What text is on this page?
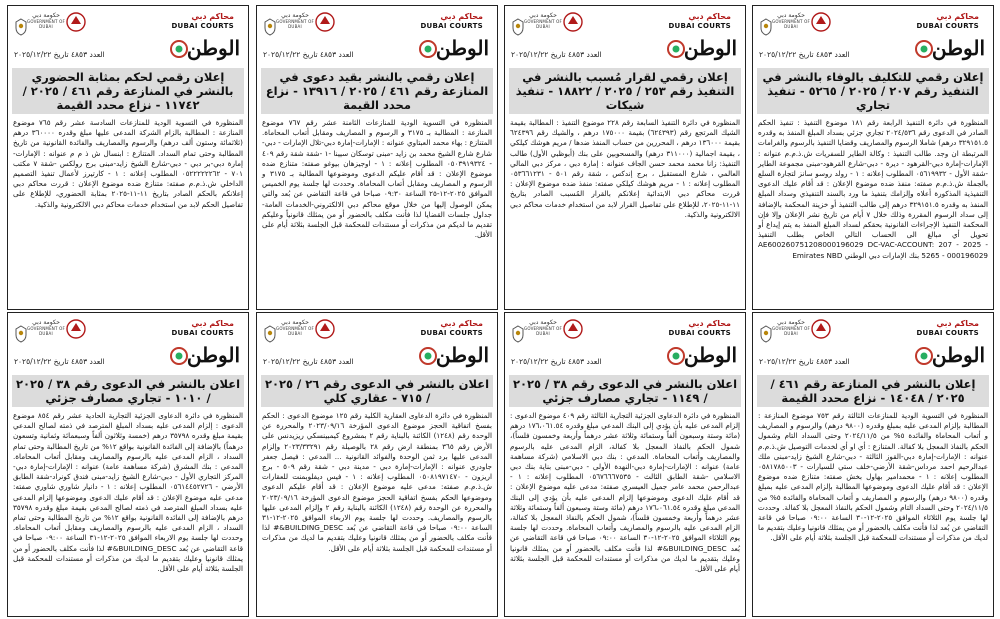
حكومة دبي
GOVERNMENT OF DUBAI
محاكم دبي
DUBAI COURTS
الوطن
العدد ٤٨٥٣ تاريخ ٢٠٢٥/١٢/٢٢
إعلان رقمي للتكليف بالوفاء بالنشر في التنفيذ رقم ٢٠٧ / ٢٠٢٥ / ٥٢٦٥ - تنفيذ تجاري
المنظورة في دائرة التنفيذ الرابعة رقم ١٨١ موضوع التنفيذ : تنفيذ الحكم الصادر في الدعوى رقم ٢٠٢٤/٥٣٦ تجاري جزئي بسداد المبلغ المنفذ به وقدره ٣٢٩١٥١.٥ درهم) شاملا الرسوم والمصاريف وقضايا التنفيذ بالرسوم والغرامات المرتبطة ان وجد. طالب التنفيذ : وكالة الطاير للسفريات ش.ذ.م.م عنوانه : الإمارات-إمارة دبي-القرهود - ديرة - دبي-شارع القرهود-مبنى مجموعة الطاير -شقة الأول - ٠٥٦١٩٩٣٢ المطلوب إعلانه : ١ - رولد روسو سانز لتجارة السلع بالجملة ش.ذ.م.م صفته: منفذ ضده موضوع الإعلان : قد أقام عليك الدعوى التنفيذية المذكورة أعلاه وإلزامك بتنفيذ ما ورد بالسند التنفيذي وسداد المبلغ المنفذ به وقدره ٣٢٩١٥١.٥ درهم إلى طالب التنفيذ أو خزينة المحكمة بالإضافة إلى سداد الرسوم المقررة وذلك خلال ٧ أيام من تاريخ نشر الإعلان وإلا فإن المحكمة التنفيذ الإجراءات القانونية بحقكم لسداد المبلغ المنفذ به يتم إيداع أو تحويل أي مبالغ الى الحساب التالي الخاص بطلب التنفيذ AE600260751208000196029 DC-VAC-ACCOUNT: 207 - 2025 - 5265 - 000196029 بنك الإمارات دبي الوطني Emirates NBD
حكومة دبي
GOVERNMENT OF DUBAI
محاكم دبي
DUBAI COURTS
الوطن
العدد ٤٨٥٣ تاريخ ٢٠٢٥/١٢/٢٢
إعلان رقمي لقرار مُسبب بالنشر في التنفيذ رقم ٢٥٣ / ٢٠٢٥ / ١٨٨٢٢ - تنفيذ شيكات
المنظورة في دائرة التنفيذ السابعة رقم ٢٢٨ موضوع التنفيذ : المطالبة بقيمة الشيك المرتجع رقم (٦٢٤٣٩٣) بقيمة ١٧٥٠٠٠ درهم ، والشيك رقم ٦٢٤٣٩٦ بقيمة ١٣٦٠٠٠ درهم ، المحررين من حساب المنفذ ضدها / مريم هوشك كيلكي ، بقيمة اجمالية (٣١١٠٠٠ درهم) والمسحوبين على بنك (أبوظبي الأول) طالب التنفيذ: زانا محمد محمد حسن الجاف عنوانه : إمارة دبي ، مركز دبي المالي العالمي ، شارع المستقبل ، برج إندكس ، شقة رقم ٥٠١ - ٠٥٣٦٦١٢٣١ المطلوب إعلانه : ١ - مريم هوشك كيلكي صفته: منفذ ضده موضوع الإعلان : قررت محاكم دبي الابتدائية إعلانكم بالقرار المُسبب الصادر بتاريخ ١١-١١-٢٠٢٥، للإطلاع على تفاصيل القرار لابد من استخدام خدمات محاكم دبي الالكترونية والذكية.
حكومة دبي
GOVERNMENT OF DUBAI
محاكم دبي
DUBAI COURTS
الوطن
العدد ٤٨٥٣ تاريخ ٢٠٢٥/١٢/٢٢
إعلان رقمي بالنشر بقيد دعوى في المنازعة رقم ٤٦١ / ٢٠٢٥ / ١٣٩١٦ - نزاع محدد القيمة
المنظورة في التسوية الودية للمنازعات الثامنة عشر رقم ٧٦٧ موضوع المنازعة : المطالبة بـ ٣١٧٥ و الرسوم و المصاريف ومقابل أتعاب المحاماة. المتنازع : بهاء محمد العبتاوي عنوانه : الإمارات-إمارة دبي-تلال الإمارات - دبي-شارع شارع الشيخ محمد بن زايد -مبنى توسكان سيينا -١ -شقة شقة رقم ٤٠٩ - ٠٥٠٣٩١٩٣٢٤ المطلوب إعلانه : ١ - اوجيزهان بيوغو صفته: متنازع ضده موضوع الإعلان : قد أقام عليكم الدعوى وموضوعها المطالبة بـ ٣١٧٥ و الرسوم و المصاريف ومقابل أتعاب المحاماة. وحددت لها جلسة يوم الخميس الموافق ٢٠٢٥-١٢-٢٥ الساعة ٠٩:٣٠ صباحا في قاعة التقاضي عن بُعد والتي يمكن الوصول إليها من خلال موقع محاكم دبي الالكتروني-الخدمات العامة-جداول جلسات القضايا لذا فأنت مكلف بالحضور أو من يمثلك قانونياً وعليكم تقديم ما لديكم من مذكرات أو مستندات للمحكمة قبل الجلسة بثلاثة أيام على الأقل.
حكومة دبي
GOVERNMENT OF DUBAI
محاكم دبي
DUBAI COURTS
الوطن
العدد ٤٨٥٣ تاريخ ٢٠٢٥/١٢/٢٢
إعلان رقمي لحكم بمثابة الحضوري بالنشر في المنازعة رقم ٤٦١ / ٢٠٢٥ / ١١٧٤٢ - نزاع محدد القيمة
المنظورة في التسوية الودية للمنازعات السادسة عشر رقم ٧٦٥ موضوع المنازعة : المطالبة بالزام الشركة المدعى عليها مبلغ وقدره ٣٦٠٠٠٠ درهم (ثلاثمائة وستون ألف درهم) والرسوم والمصاريف والفائدة القانونية من تاريخ المطالبة وحتى تمام السداد. المتنازع : ابنسال ش ذ م م عنوانه : الإمارات-إمارة دبي-بر دبي - دبي-شارع الشيخ زايد-مبنى برج رولكس -شقة ٧ مكتب ٧٠١ - ٠٥٢٢٢٢٢٢٦٢ المطلوب إعلانه : ١ - كارتيرز لأعمال تنفيذ التصميم الداخلي ش.ذ.م.م صفته: متنازع ضده موضوع الإعلان : قررت محاكم دبي إعلانكم بالحكم الصادر بتاريخ ١١-١١-٢٠٢٥ بمثابة الحضوري، للإطلاع على تفاصيل الحكم لابد من استخدام خدمات محاكم دبي الالكترونية والذكية.
حكومة دبي
GOVERNMENT OF DUBAI
محاكم دبي
DUBAI COURTS
الوطن
العدد ٤٨٥٣ تاريخ ٢٠٢٥/١٢/٢٢
إعلان بالنشر في المنازعة رقم ٤٦١ / ٢٠٢٥ / ١٤٠٤٨ - نزاع محدد القيمة
المنظورة في التسوية الودية للمنازعات الثالثة رقم ٧٥٣ موضوع المنازعة : المطالبة بإلزام المدعى عليه بمبلغ وقدره (٩٨٠٠ درهم) والرسوم و المصاريف و أتعاب المحاماة والفائدة ٥% من ٢٠٢٤/١١/٥ وحتى السداد التام وشمول الحكم بالنفاذ المعجل بلا كفالة. المتنازع : أي او أي لخدمات التوصيل ش.ذ.م.م عنوانه : الإمارات-إمارة دبي-القوز الثالثة - دبي-شارع الشيخ زايد-مبنى ملك عبدالرحيم احمد مرداس-شقة الأرضي-خلف ستي للسيارات - ٠٥٨١٧٨٥٠٠٣ المطلوب إعلانه : ١ - محمدامير بهاول بخش صفته: متنازع ضده موضوع الإعلان : قد أقام عليك الدعوى وموضوعها المطالبة بإلزام المدعى عليه بمبلغ وقدره (٩٨٠٠ درهم) والرسوم و المصاريف و أتعاب المحاماة والفائدة ٥% من ٢٠٢٤/١١/٥ وحتى السداد التام وشمول الحكم بالنفاذ المعجل بلا كفالة. وحددت لها جلسة يوم الثلاثاء الموافق ٢٠٢٥-١٢-٣٠ الساعة ٠٩:٠٠ صباحا في قاعة التقاضي عن بُعد لذا فأنت مكلف بالحضور أو من يمثلك قانونيا وعليك بتقديم ما لديك من مذكرات أو مستندات للمحكمة قبل الجلسة بثلاثة أيام على الأقل.
حكومة دبي
GOVERNMENT OF DUBAI
محاكم دبي
DUBAI COURTS
الوطن
العدد ٤٨٥٣ تاريخ ٢٠٢٥/١٢/٢٢
اعلان بالنشر في الدعوى رقم ٣٨ / ٢٠٢٥ / ١١٤٩ - تجاري مصارف جزئي
المنظورة في دائرة الدعاوى الجزئية التجارية الثالثة رقم ٤٠٩ موضوع الدعوى : إلزام المدعى عليه بأن يؤدي إلى البنك المدعي مبلغ وقدره ١٧٦،٠٦١.٥٤ درهم (مائة وستة وسبعون ألفاً وستمائة وثلاثة عشر درهماً وأربعة وخمسون فلساً)، شمول الحكم بالنفاذ المعجل بلا كفالة، الزام المدعى عليه بالرسوم والمصاريف وأتعاب المحاماة. المدعي : بنك دبي الاسلامي (شركة مساهمة عامة) عنوانه : الإمارات-إمارة دبي-النهدة الأولى - دبي-مبنى بناية بنك دبي الاسلامي -شقة الطابق الثالث - ٠٥٦٧٦٦٦٧٥٣٥ المطلوب إعلانه : ١ - عبدالرحمن محمد عامر جميل العيسري صفته: مدعى عليه موضوع الإعلان : قد أقام عليك الدعوى وموضوعها إلزام المدعى عليه بأن يؤدي إلى البنك المدعي مبلغ وقدره ١٧٦،٠٦١.٥٤ درهم (مائة وستة وسبعون ألفاً وستمائة وثلاثة عشر درهماً وأربعة وخمسون فلساً)، شمول الحكم بالنفاذ المعجل بلا كفالة، الزام المدعى عليه بالرسوم والمصاريف وأتعاب المحاماة. وحددت لها جلسة يوم الثلاثاء الموافق ٢٠٢٥-١٢-٣٠ الساعة ٠٩:٠٠ صباحا في قاعة التقاضي عن بُعد BUILDING_DESC&# لذا فأنت مكلف بالحضور أو من يمثلك قانونيا وعليك بتقديم ما لديك من مذكرات أو مستندات للمحكمة قبل الجلسة بثلاثة أيام على الأقل.
حكومة دبي
GOVERNMENT OF DUBAI
محاكم دبي
DUBAI COURTS
الوطن
العدد ٤٨٥٣ تاريخ ٢٠٢٥/١٢/٢٢
اعلان بالنشر في الدعوى رقم ٢٦ / ٢٠٢٥ / ٧١٥ - عقاري كلي
المنظورة في دائرة الدعاوى العقارية الكلية رقم ١٢٥ موضوع الدعوى : الحكم بفسخ اتفاقية الحجز موضوع الدعوى المؤرخة ٢٠٢٣/٠٩/١٦ والمحررة عن الوحدة رقم (١٢٤٨) الكائنة بالبناية رقم ٢ بمشروع كيمبينسكي ريزيدنس على الأرض رقم ٣٦٥ بمنطقة ارض رقم ٢٨ بالوصيلة رقم ٢٠٢٣/٣٣٢٩١ وإلزام المدعى عليها برد ثمن الوحدة والفوائد القانونية ... المدعي : فيصل جعفر جاودري عنوانه : الإمارات-إمارة دبي - مدينة دبي - شقة رقم ٥٠٩ - برج اريزون - ٠٥٠٨١٩٧١٤٧٠ المطلوب إعلانه : ١ - فيس ديفلوبمنت للعقارات ش.ذ.م.م صفته: مدعى عليه موضوع الإعلان : قد أقام عليكم الدعوى وموضوعها الحكم بفسخ اتفاقية الحجز موضوع الدعوى المؤرخة ٢٠٢٣/٠٩/١٦ والمحررة عن الوحدة رقم (١٢٤٨) الكائنة بالبناية رقم ٢ وإلزام المدعى عليها بالرسوم والمصاريف. وحددت لها جلسة يوم الاربعاء الموافق ٢٠٢٥-١٢-٣١ الساعة ٠٩:٠٠ صباحا في قاعة التقاضي عن بُعد BUILDING_DESC&# لذا فأنت مكلف بالحضور أو من يمثلك قانونيا وعليك بتقديم ما لديك من مذكرات أو مستندات للمحكمة قبل الجلسة بثلاثة أيام على الأقل.
حكومة دبي
GOVERNMENT OF DUBAI
محاكم دبي
DUBAI COURTS
الوطن
العدد ٤٨٥٣ تاريخ ٢٠٢٥/١٢/٢٢
اعلان بالنشر في الدعوى رقم ٣٨ / ٢٠٢٥ / ١٠١٠ - تجاري مصارف جزئي
المنظورة في دائرة الدعاوى الجزئية التجارية الحادية عشر رقم ٨٥٤ موضوع الدعوى : إلزام المدعى عليه بسداد المبلغ المترصد في ذمته لصالح المدعي بقيمة مبلغ وقدره ٣٥٧٩٨ درهم (خمسة وثلاثون ألفاً وسبعمائة وثمانية وتسعون درهماً) بالإضافة إلى الفائدة القانونية بواقع ١٢% من تاريخ المطالبة وحتى تمام السداد ، الزام المدعى عليه بالرسوم والمصاريف ومقابل أتعاب المحاماة. المدعي : بنك المشرق (شركة مساهمة عامة) عنوانه : الإمارات-إمارة دبي-المركز التجاري الأول - دبي-شارع الشيخ زايد-مبنى فندق كونراد-شقة الطابق الأرضي - ٠٥٦١٤٤٥٢٧٢٦ المطلوب إعلانه : ١ - دانيار شاوري شاوري صفته: مدعى عليه موضوع الإعلان : قد أقام عليك الدعوى وموضوعها إلزام المدعى عليه بسداد المبلغ المترصد في ذمته لصالح المدعي بقيمة مبلغ وقدره ٣٥٧٩٨ درهم بالإضافة إلى الفائدة القانونية بواقع ١٢% من تاريخ المطالبة وحتى تمام السداد ، الزام المدعى عليه بالرسوم والمصاريف ومقابل أتعاب المحاماة. وحددت لها جلسة يوم الاربعاء الموافق ٢٠٢٥-١٢-٣١ الساعة ٠٩:٠٠ صباحا في قاعة التقاضي عن بُعد BUILDING_DESC&# لذا فأنت مكلف بالحضور أو من يمثلك قانونيا وعليك بتقديم ما لديك من مذكرات أو مستندات للمحكمة قبل الجلسة بثلاثة أيام على الأقل.
